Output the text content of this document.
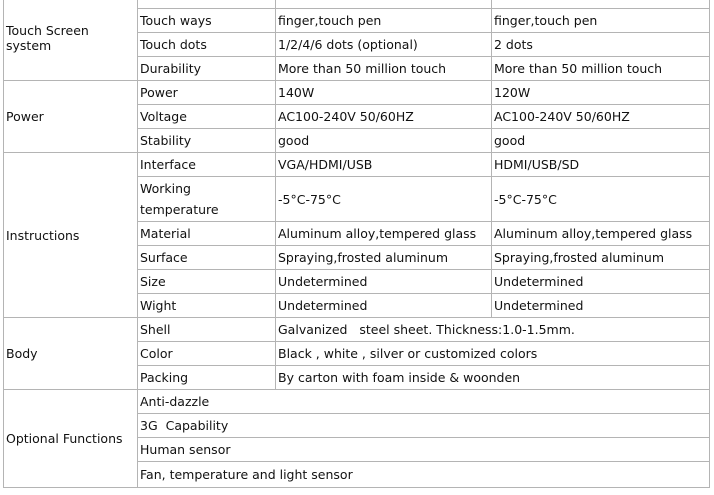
Touch Screen system			
	Touch ways	finger,touch pen	finger,touch pen
	Touch dots	1/2/4/6 dots (optional)	2 dots
	Durability	More than 50 million touch	More than 50 million touch
Power	Power	140W	120W
	Voltage	AC100-240V 50/60HZ	AC100-240V 50/60HZ
	Stability	good	good
Instructions	Interface	VGA/HDMI/USB	HDMI/USB/SD
	Working temperature	-5°C-75°C	-5°C-75°C
	Material	Aluminum alloy,tempered glass	Aluminum alloy,tempered glass
	Surface	Spraying,frosted aluminum	Spraying,frosted aluminum
	Size	Undetermined	Undetermined
	Wight	Undetermined	Undetermined
Body	Shell	Galvanized   steel sheet. Thickness:1.0-1.5mm.	
	Color	Black , white , silver or customized colors	
	Packing	By carton with foam inside & woonden	
Optional Functions	Anti-dazzle		
	3G  Capability		
	Human sensor		
	Fan, temperature and light sensor		
